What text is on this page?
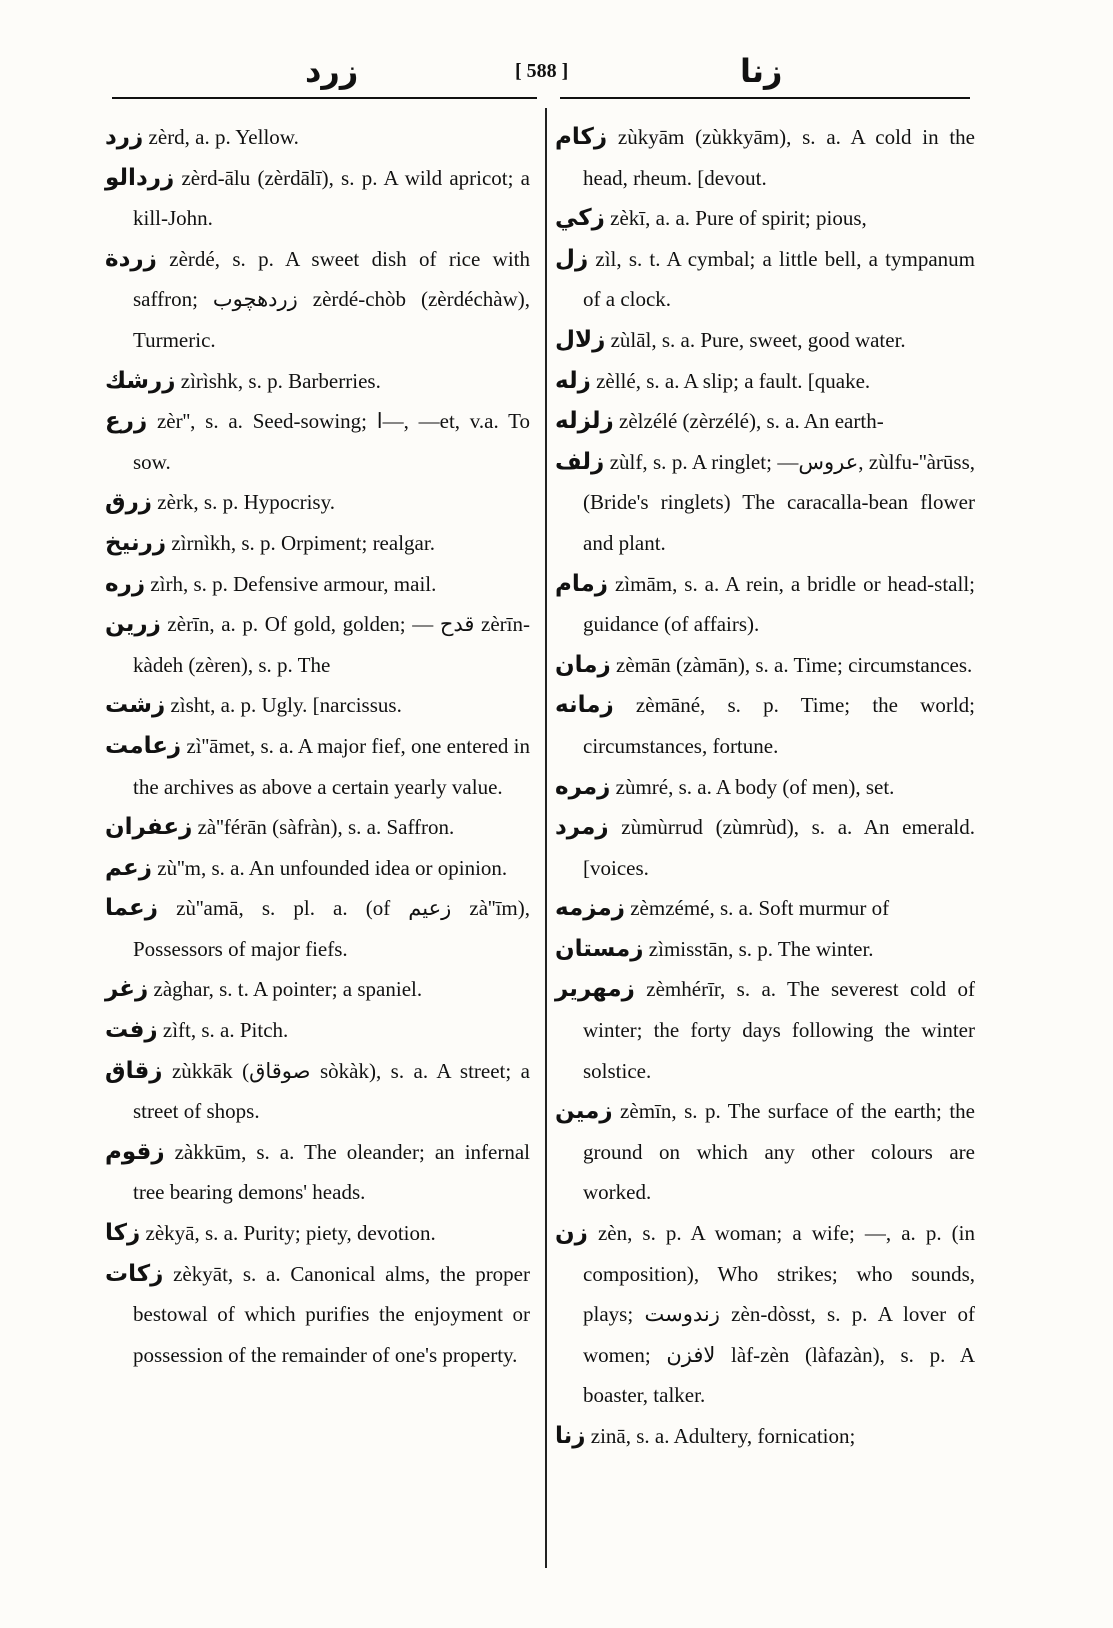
زرد	[ 588 ]	زنا

زرد zèrd, a. p. Yellow.

زردالو zèrd-ālu (zèrdālī), s. p. A wild apricot; a kill-John.

زردة zèrdé, s. p. A sweet dish of rice with saffron; زردهچوب zèrdé-chòb (zèrdéchàw), Turmeric.

زرشك zìrìshk, s. p. Barberries.

زرع zèr'', s. a. Seed-sowing; ا—, —et, v.a. To sow.

زرق zèrk, s. p. Hypocrisy.

زرنيخ zìrnìkh, s. p. Orpiment; realgar.

زره zìrh, s. p. Defensive armour, mail.

زرين zèrīn, a. p. Of gold, golden; — قدح zèrīn-kàdeh (zèren), s. p. The

زشت zìsht, a. p. Ugly. [narcissus.

زعامت zì''āmet, s. a. A major fief, one entered in the archives as above a certain yearly value.

زعفران zà''férān (sàfràn), s. a. Saffron.

زعم zù''m, s. a. An unfounded idea or opinion.

زعما zù''amā, s. pl. a. (of زعيم zà''īm), Possessors of major fiefs.

زغر zàghar, s. t. A pointer; a spaniel.

زفت zìft, s. a. Pitch.

زقاق zùkkāk (صوقاق sòkàk), s. a. A street; a street of shops.

زقوم zàkkūm, s. a. The oleander; an infernal tree bearing demons' heads.

زكا zèkyā, s. a. Purity; piety, devotion.

زكات zèkyāt, s. a. Canonical alms, the proper bestowal of which purifies the enjoyment or possession of the remainder of one's property.

زكام zùkyām (zùkkyām), s. a. A cold in the head, rheum. [devout.

زكي zèkī, a. a. Pure of spirit; pious,

زل zìl, s. t. A cymbal; a little bell, a tympanum of a clock.

زلال zùlāl, s. a. Pure, sweet, good water.

زله zèllé, s. a. A slip; a fault. [quake.

زلزله zèlzélé (zèrzélé), s. a. An earth-

زلف zùlf, s. p. A ringlet; —عروس, zùlfu-''àrūss, (Bride's ringlets) The caracalla-bean flower and plant.

زمام zìmām, s. a. A rein, a bridle or head-stall; guidance (of affairs).

زمان zèmān (zàmān), s. a. Time; circumstances.

زمانه zèmāné, s. p. Time; the world; circumstances, fortune.

زمره zùmré, s. a. A body (of men), set.

زمرد zùmùrrud (zùmrùd), s. a. An emerald. [voices.

زمزمه zèmzémé, s. a. Soft murmur of

زمستان zìmisstān, s. p. The winter.

زمهرير zèmhérīr, s. a. The severest cold of winter; the forty days following the winter solstice.

زمين zèmīn, s. p. The surface of the earth; the ground on which any other colours are worked.

زن zèn, s. p. A woman; a wife; —, a. p. (in composition), Who strikes; who sounds, plays; زندوست zèn-dòsst, s. p. A lover of women; لافزن làf-zèn (làfazàn), s. p. A boaster, talker.

زنا zinā, s. a. Adultery, fornication;
